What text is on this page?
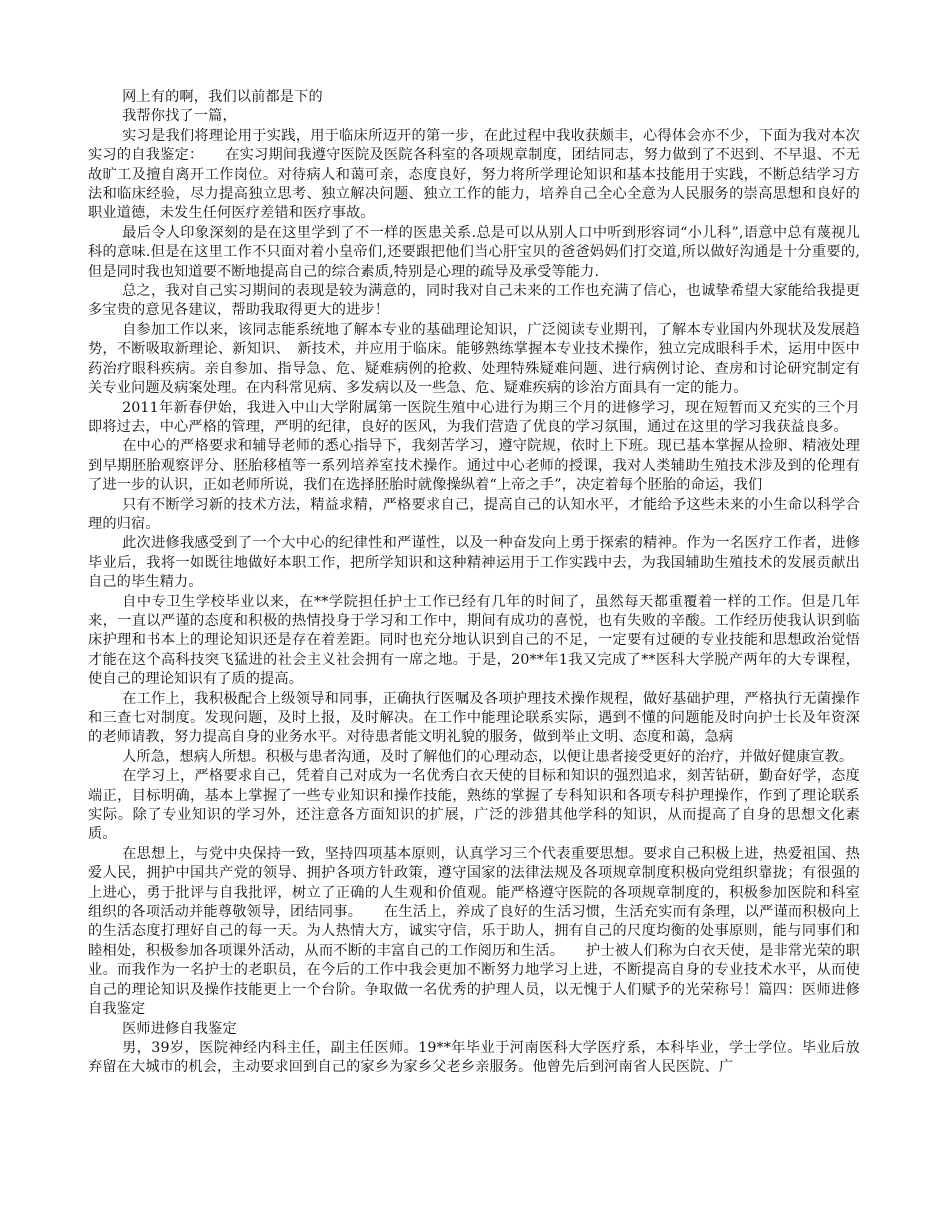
网上有的啊，我们以前都是下的

我帮你找了一篇，

实习是我们将理论用于实践，用于临床所迈开的第一步，在此过程中我收获颇丰，心得体会亦不少，下面为我对本次实习的自我鉴定：　　在实习期间我遵守医院及医院各科室的各项规章制度，团结同志，努力做到了不迟到、不早退、不无故旷工及擅自离开工作岗位。对待病人和蔼可亲，态度良好，努力将所学理论知识和基本技能用于实践，不断总结学习方法和临床经验，尽力提高独立思考、独立解决问题、独立工作的能力，培养自己全心全意为人民服务的崇高思想和良好的职业道德，未发生任何医疗差错和医疗事故。

最后令人印象深刻的是在这里学到了不一样的医患关系.总是可以从别人口中听到形容词“小儿科”,语意中总有蔑视儿科的意味.但是在这里工作不只面对着小皇帝们,还要跟把他们当心肝宝贝的爸爸妈妈们打交道,所以做好沟通是十分重要的,但是同时我也知道要不断地提高自己的综合素质,特别是心理的疏导及承受等能力.

总之，我对自己实习期间的表现是较为满意的，同时我对自己未来的工作也充满了信心，也诚挚希望大家能给我提更多宝贵的意见各建议，帮助我取得更大的进步！

自参加工作以来，该同志能系统地了解本专业的基础理论知识，广泛阅读专业期刊，了解本专业国内外现状及发展趋势，不断吸取新理论、新知识、　新技术，并应用于临床。能够熟练掌握本专业技术操作，独立完成眼科手术，运用中医中药治疗眼科疾病。亲自参加、指导急、危、疑难病例的抢救、处理特殊疑难问题、进行病例讨论、查房和讨论研究制定有关专业问题及病案处理。在内科常见病、多发病以及一些急、危、疑难疾病的诊治方面具有一定的能力。

2011年新春伊始，我进入中山大学附属第一医院生殖中心进行为期三个月的进修学习，现在短暂而又充实的三个月即将过去，中心严格的管理，严明的纪律，良好的医风，为我们营造了优良的学习氛围，通过在这里的学习我获益良多。

在中心的严格要求和辅导老师的悉心指导下，我刻苦学习，遵守院规，依时上下班。现已基本掌握从捡卵、精液处理到早期胚胎观察评分、胚胎移植等一系列培养室技术操作。通过中心老师的授课，我对人类辅助生殖技术涉及到的伦理有了进一步的认识，正如老师所说，我们在选择胚胎时就像操纵着“上帝之手”，决定着每个胚胎的命运，我们

只有不断学习新的技术方法，精益求精，严格要求自己，提高自己的认知水平，才能给予这些未来的小生命以科学合理的归宿。

此次进修我感受到了一个大中心的纪律性和严谨性，以及一种奋发向上勇于探索的精神。作为一名医疗工作者，进修毕业后，我将一如既往地做好本职工作，把所学知识和这种精神运用于工作实践中去，为我国辅助生殖技术的发展贡献出自己的毕生精力。

自中专卫生学校毕业以来，在**学院担任护士工作已经有几年的时间了，虽然每天都重覆着一样的工作。但是几年来，一直以严谨的态度和积极的热情投身于学习和工作中，期间有成功的喜悦，也有失败的辛酸。工作经历使我认识到临床护理和书本上的理论知识还是存在着差距。同时也充分地认识到自己的不足，一定要有过硬的专业技能和思想政治觉悟才能在这个高科技突飞猛进的社会主义社会拥有一席之地。于是，20**年1我又完成了**医科大学脱产两年的大专课程，使自己的理论知识有了质的提高。

在工作上，我积极配合上级领导和同事，正确执行医嘱及各项护理技术操作规程，做好基础护理，严格执行无菌操作和三查七对制度。发现问题，及时上报，及时解决。在工作中能理论联系实际，遇到不懂的问题能及时向护士长及年资深的老师请教，努力提高自身的业务水平。对待患者能文明礼貌的服务，做到举止文明、态度和蔼，急病

人所急，想病人所想。积极与患者沟通，及时了解他们的心理动态，以便让患者接受更好的治疗，并做好健康宣教。

在学习上，严格要求自己，凭着自己对成为一名优秀白衣天使的目标和知识的强烈追求，刻苦钻研，勤奋好学，态度端正，目标明确，基本上掌握了一些专业知识和操作技能，熟练的掌握了专科知识和各项专科护理操作，作到了理论联系实际。除了专业知识的学习外，还注意各方面知识的扩展，广泛的涉猎其他学科的知识，从而提高了自身的思想文化素质。

在思想上，与党中央保持一致，坚持四项基本原则，认真学习三个代表重要思想。要求自己积极上进，热爱祖国、热爱人民，拥护中国共产党的领导、拥护各项方针政策，遵守国家的法律法规及各项规章制度积极向党组织靠拢；有很强的上进心，勇于批评与自我批评，树立了正确的人生观和价值观。能严格遵守医院的各项规章制度的，积极参加医院和科室组织的各项活动并能尊敬领导，团结同事。　　在生活上，养成了良好的生活习惯，生活充实而有条理，以严谨而积极向上的生活态度打理好自己的每一天。为人热情大方，诚实守信，乐于助人，拥有自己的尺度均衡的处事原则，能与同事们和睦相处，积极参加各项课外活动，从而不断的丰富自己的工作阅历和生活。　　护士被人们称为白衣天使，是非常光荣的职业。而我作为一名护士的老职员，在今后的工作中我会更加不断努力地学习上进，不断提高自身的专业技术水平，从而使自己的理论知识及操作技能更上一个台阶。争取做一名优秀的护理人员，以无愧于人们赋予的光荣称号！篇四：医师进修自我鉴定

医师进修自我鉴定

男，39岁，医院神经内科主任，副主任医师。19**年毕业于河南医科大学医疗系，本科毕业，学士学位。毕业后放弃留在大城市的机会，主动要求回到自己的家乡为家乡父老乡亲服务。他曾先后到河南省人民医院、广
